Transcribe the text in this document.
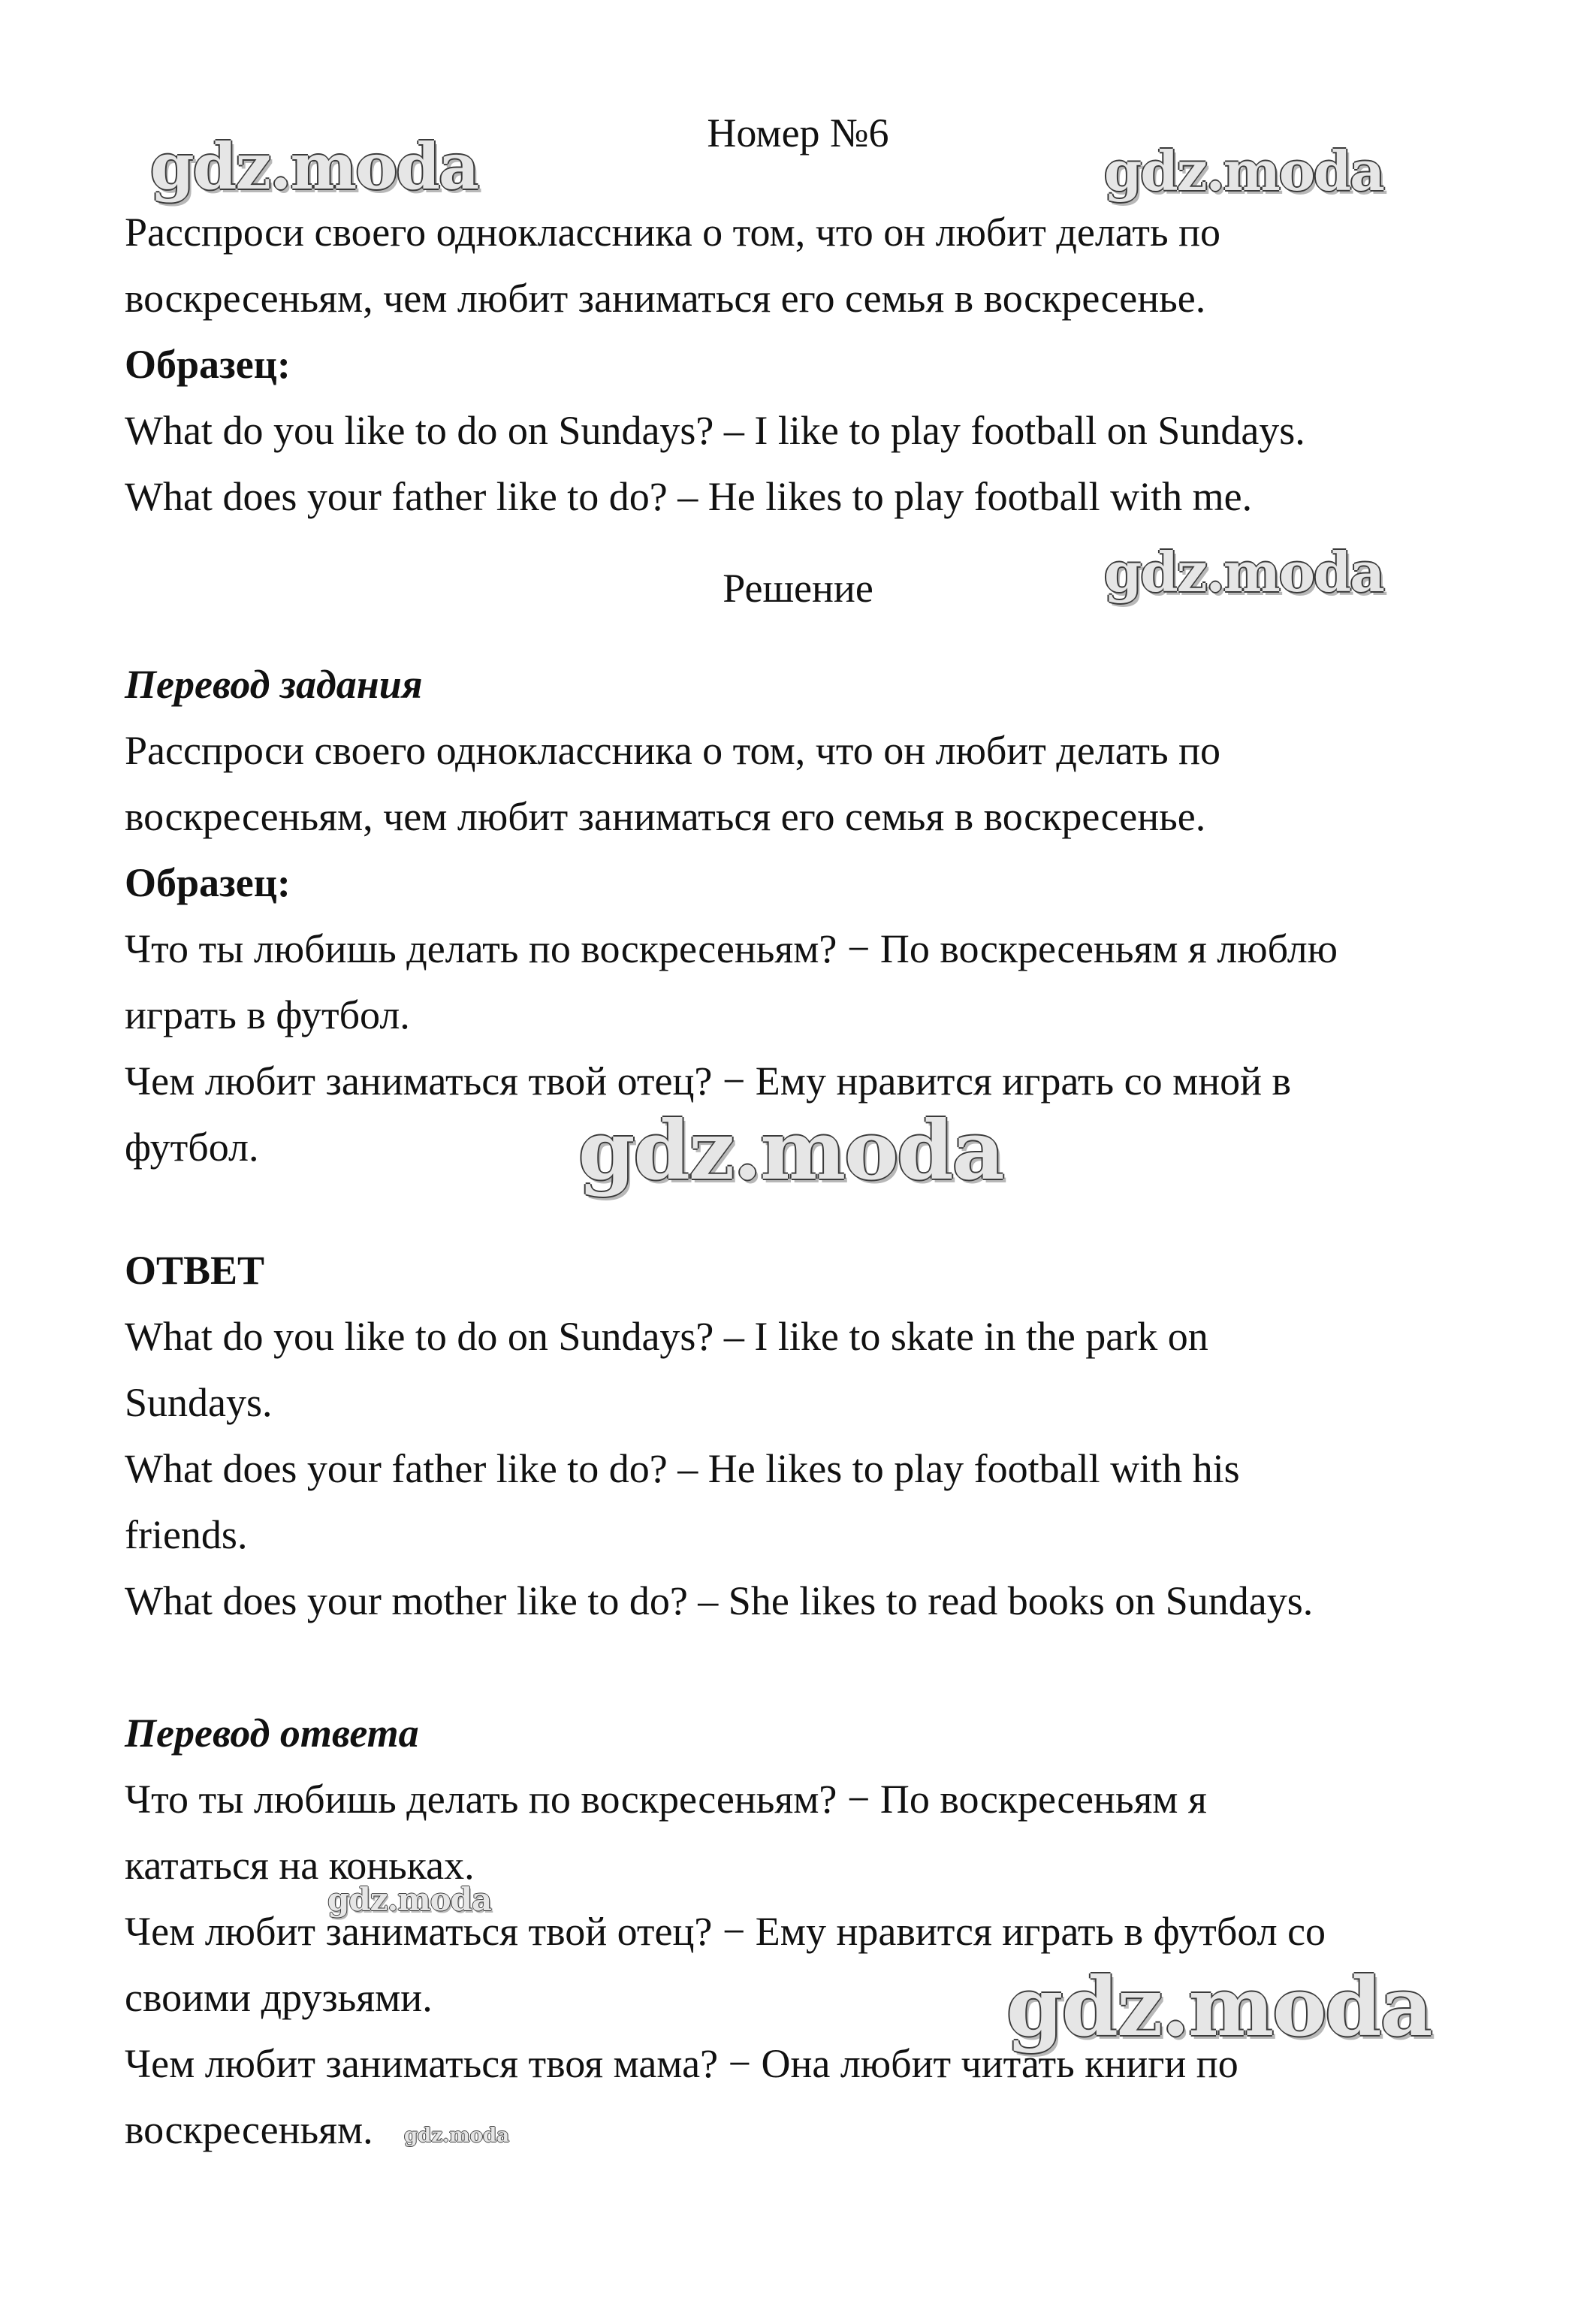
Номер №6

Расспроси своего одноклассника о том, что он любит делать по

воскресеньям, чем любит заниматься его семья в воскресенье.

Образец:

What do you like to do on Sundays? – I like to play football on Sundays.

What does your father like to do? – He likes to play football with me.

Решение

Перевод задания

Расспроси своего одноклассника о том, что он любит делать по

воскресеньям, чем любит заниматься его семья в воскресенье.

Образец:

Что ты любишь делать по воскресеньям? − По воскресеньям я люблю

играть в футбол.

Чем любит заниматься твой отец? − Ему нравится играть со мной в

футбол.

ОТВЕТ

What do you like to do on Sundays? – I like to skate in the park on

Sundays.

What does your father like to do? – He likes to play football with his

friends.

What does your mother like to do? – She likes to read books on Sundays.

Перевод ответа

Что ты любишь делать по воскресеньям? − По воскресеньям я

кататься на коньках.

Чем любит заниматься твой отец? − Ему нравится играть в футбол со

своими друзьями.

Чем любит заниматься твоя мама? − Она любит читать книги по

воскресеньям.

gdz.moda	gdz.moda
gdz.moda
gdz.moda
gdz.moda
gdz.moda
gdz.moda
